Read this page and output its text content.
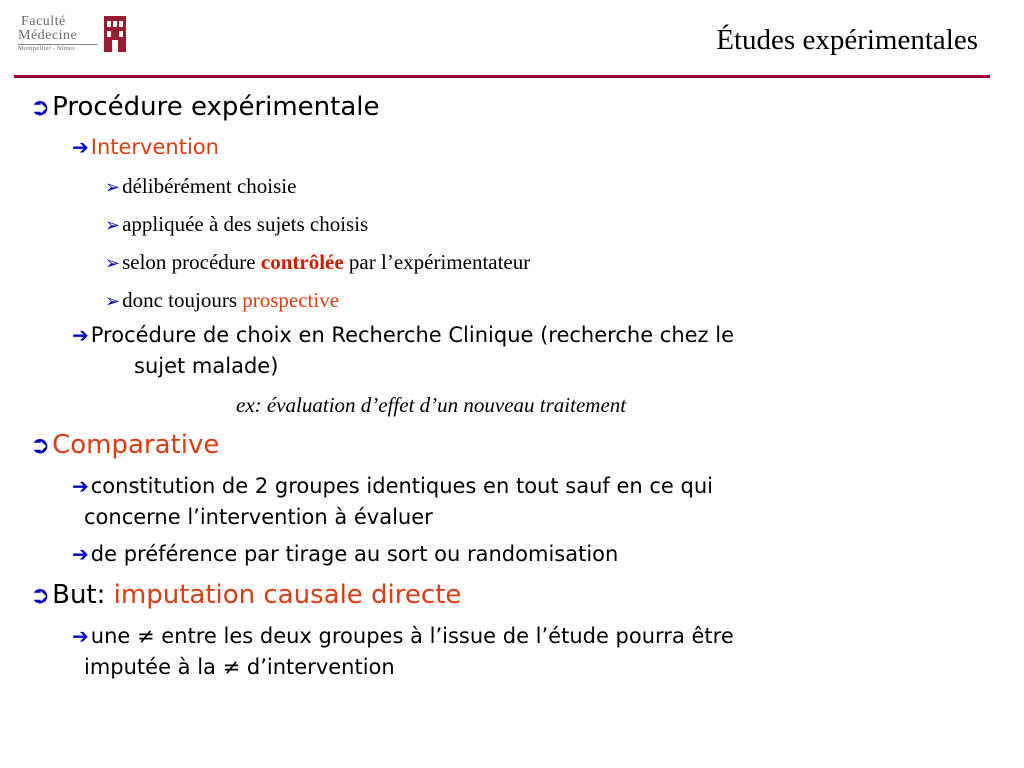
Faculté
Médecine
Montpellier - Nîmes	Études expérimentales
➲Procédure expérimentale
➔Intervention
➢délibérément choisie
➢appliquée à des sujets choisis
➢selon procédure contrôlée par l’expérimentateur
➢donc toujours prospective
➔Procédure de choix en Recherche Clinique (recherche chez le
sujet malade)
ex: évaluation d’effet d’un nouveau traitement
➲Comparative
➔constitution de 2 groupes identiques en tout sauf en ce qui
concerne l’intervention à évaluer
➔de préférence par tirage au sort ou randomisation
➲But: imputation causale directe
➔une ≠ entre les deux groupes à l’issue de l’étude pourra être
imputée à la ≠ d’intervention
